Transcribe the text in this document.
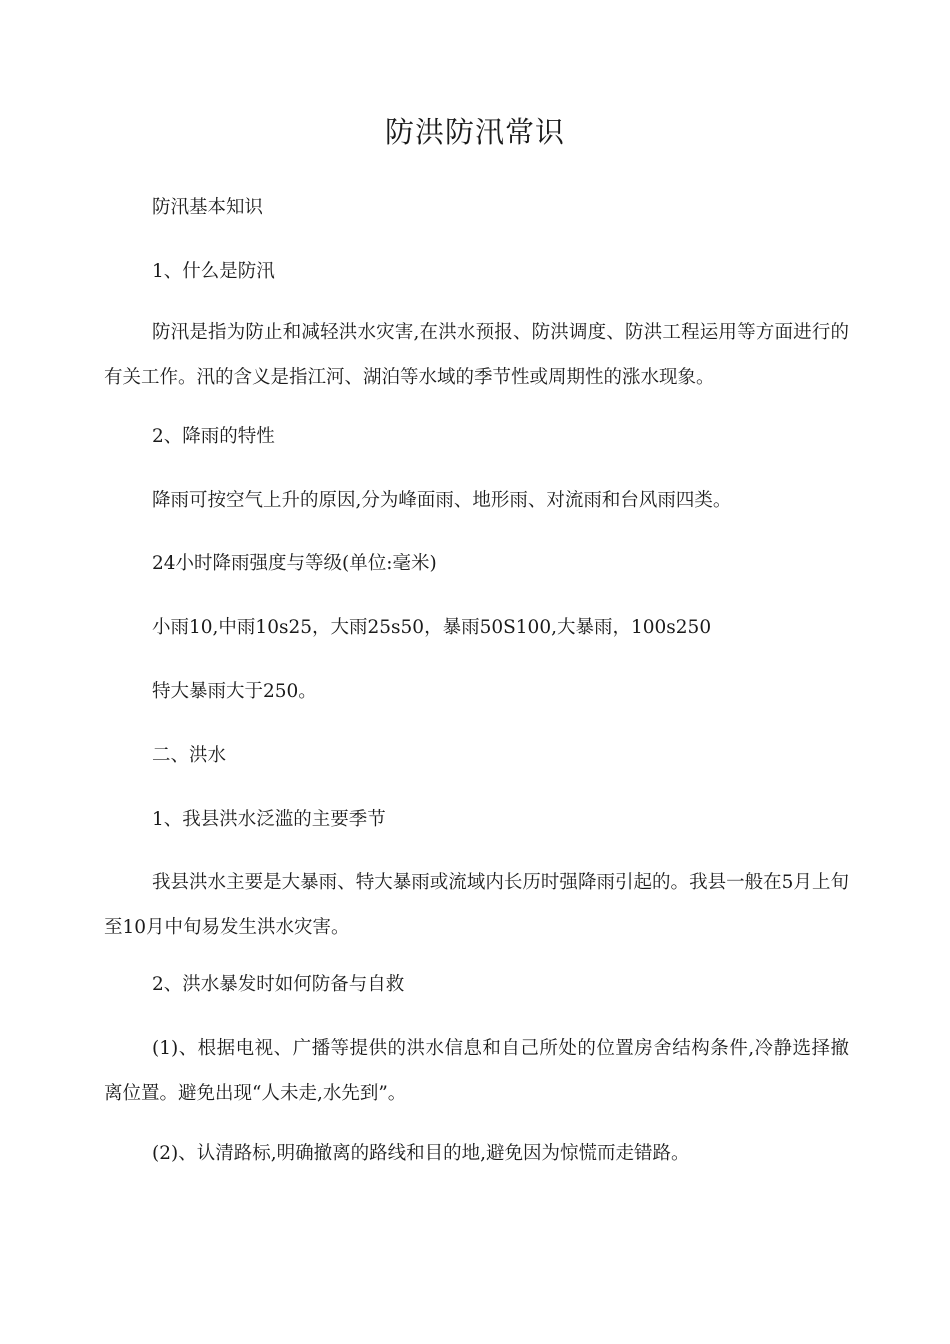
防洪防汛常识
防汛基本知识
1、什么是防汛
防汛是指为防止和减轻洪水灾害,在洪水预报、防洪调度、防洪工程运用等方面进行的有关工作。汛的含义是指江河、湖泊等水域的季节性或周期性的涨水现象。
2、降雨的特性
降雨可按空气上升的原因,分为峰面雨、地形雨、对流雨和台风雨四类。
24小时降雨强度与等级(单位:毫米)
小雨10,中雨10s25，大雨25s50，暴雨50S100,大暴雨，100s250
特大暴雨大于250。
二、洪水
1、我县洪水泛滥的主要季节
我县洪水主要是大暴雨、特大暴雨或流域内长历时强降雨引起的。我县一般在5月上旬至10月中旬易发生洪水灾害。
2、洪水暴发时如何防备与自救
(1)、根据电视、广播等提供的洪水信息和自己所处的位置房舍结构条件,冷静选择撤离位置。避免出现“人未走,水先到”。
(2)、认清路标,明确撤离的路线和目的地,避免因为惊慌而走错路。
